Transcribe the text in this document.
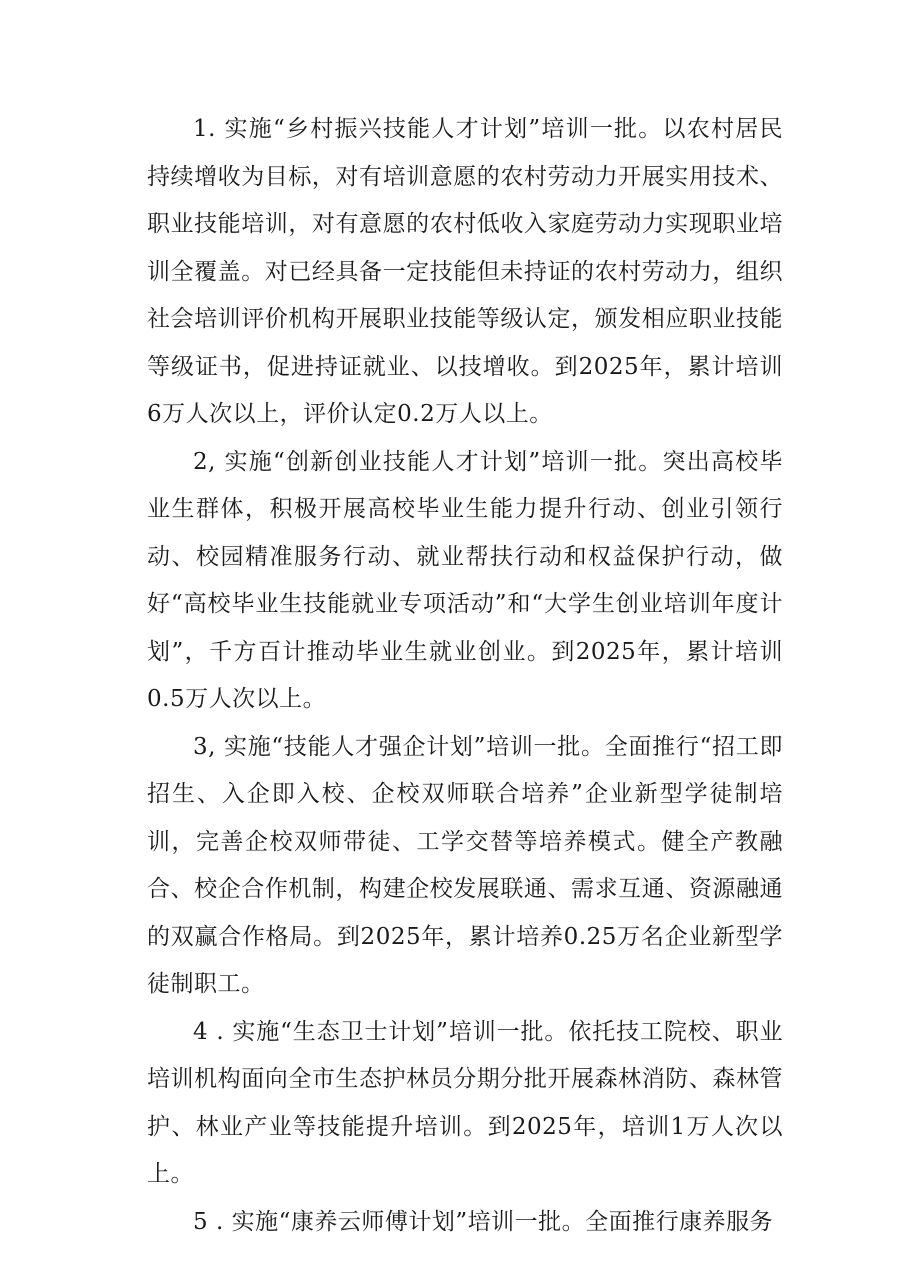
1. 实施“乡村振兴技能人才计划”培训一批。以农村居民持续增收为目标，对有培训意愿的农村劳动力开展实用技术、职业技能培训，对有意愿的农村低收入家庭劳动力实现职业培训全覆盖。对已经具备一定技能但未持证的农村劳动力，组织社会培训评价机构开展职业技能等级认定，颁发相应职业技能等级证书，促进持证就业、以技增收。到2025年，累计培训6万人次以上，评价认定0.2万人以上。

2, 实施“创新创业技能人才计划”培训一批。突出高校毕业生群体，积极开展高校毕业生能力提升行动、创业引领行动、校园精准服务行动、就业帮扶行动和权益保护行动，做好“高校毕业生技能就业专项活动”和“大学生创业培训年度计划”，千方百计推动毕业生就业创业。到2025年，累计培训0.5万人次以上。

3, 实施“技能人才强企计划”培训一批。全面推行“招工即招生、入企即入校、企校双师联合培养”企业新型学徒制培训，完善企校双师带徒、工学交替等培养模式。健全产教融合、校企合作机制，构建企校发展联通、需求互通、资源融通的双赢合作格局。到2025年，累计培养0.25万名企业新型学徒制职工。

4 . 实施“生态卫士计划”培训一批。依托技工院校、职业培训机构面向全市生态护林员分期分批开展森林消防、森林管护、林业产业等技能提升培训。到2025年，培训1万人次以上。

5 . 实施“康养云师傅计划”培训一批。全面推行康养服务
